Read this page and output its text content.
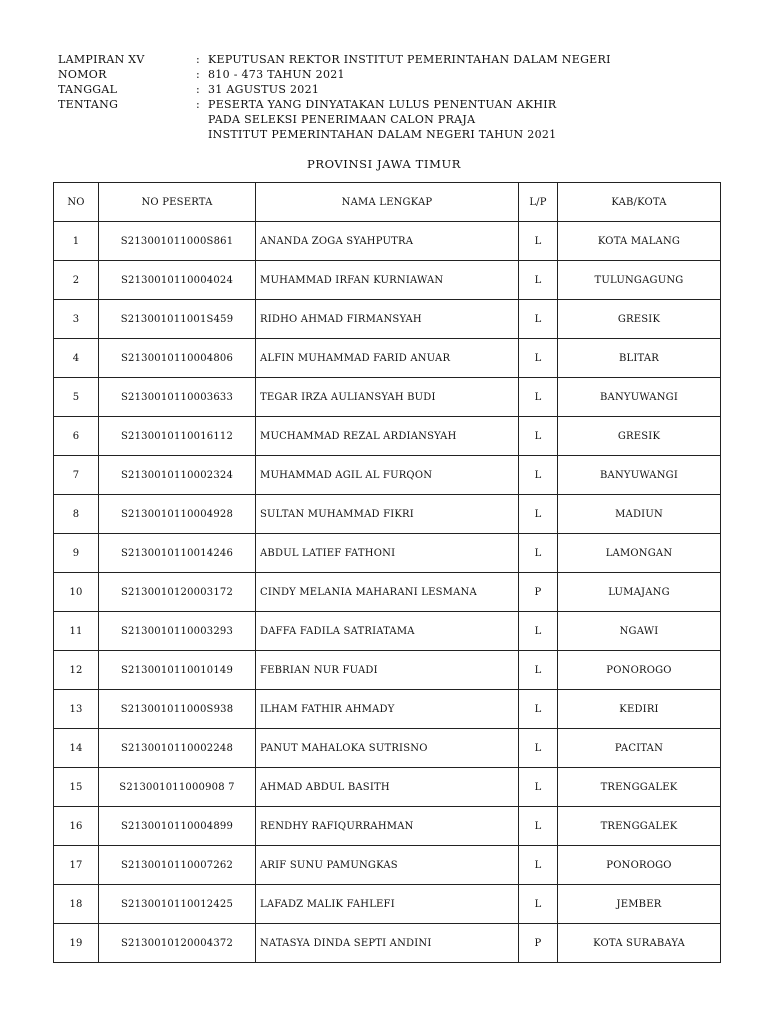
LAMPIRAN XV	: KEPUTUSAN REKTOR INSTITUT PEMERINTAHAN DALAM NEGERI
NOMOR	: 810 - 473 TAHUN 2021
TANGGAL	: 31 AGUSTUS 2021
TENTANG	: PESERTA YANG DINYATAKAN LULUS PENENTUAN AKHIR
PADA SELEKSI PENERIMAAN CALON PRAJA
INSTITUT PEMERINTAHAN DALAM NEGERI TAHUN 2021
PROVINSI JAWA TIMUR
NO	NO PESERTA	NAMA LENGKAP	L/P	KAB/KOTA
1	S213001011000S861	ANANDA ZOGA SYAHPUTRA	L	KOTA MALANG
2	S2130010110004024	MUHAMMAD IRFAN KURNIAWAN	L	TULUNGAGUNG
3	S213001011001S459	RIDHO AHMAD FIRMANSYAH	L	GRESIK
4	S2130010110004806	ALFIN MUHAMMAD FARID ANUAR	L	BLITAR
5	S2130010110003633	TEGAR IRZA AULIANSYAH BUDI	L	BANYUWANGI
6	S2130010110016112	MUCHAMMAD REZAL ARDIANSYAH	L	GRESIK
7	S2130010110002324	MUHAMMAD AGIL AL FURQON	L	BANYUWANGI
8	S2130010110004928	SULTAN MUHAMMAD FIKRI	L	MADIUN
9	S2130010110014246	ABDUL LATIEF FATHONI	L	LAMONGAN
10	S2130010120003172	CINDY MELANIA MAHARANI LESMANA	P	LUMAJANG
11	S2130010110003293	DAFFA FADILA SATRIATAMA	L	NGAWI
12	S2130010110010149	FEBRIAN NUR FUADI	L	PONOROGO
13	S213001011000S938	ILHAM FATHIR AHMADY	L	KEDIRI
14	S2130010110002248	PANUT MAHALOKA SUTRISNO	L	PACITAN
15	S213001011000908 7	AHMAD ABDUL BASITH	L	TRENGGALEK
16	S2130010110004899	RENDHY RAFIQURRAHMAN	L	TRENGGALEK
17	S2130010110007262	ARIF SUNU PAMUNGKAS	L	PONOROGO
18	S2130010110012425	LAFADZ MALIK FAHLEFI	L	JEMBER
19	S2130010120004372	NATASYA DINDA SEPTI ANDINI	P	KOTA SURABAYA
